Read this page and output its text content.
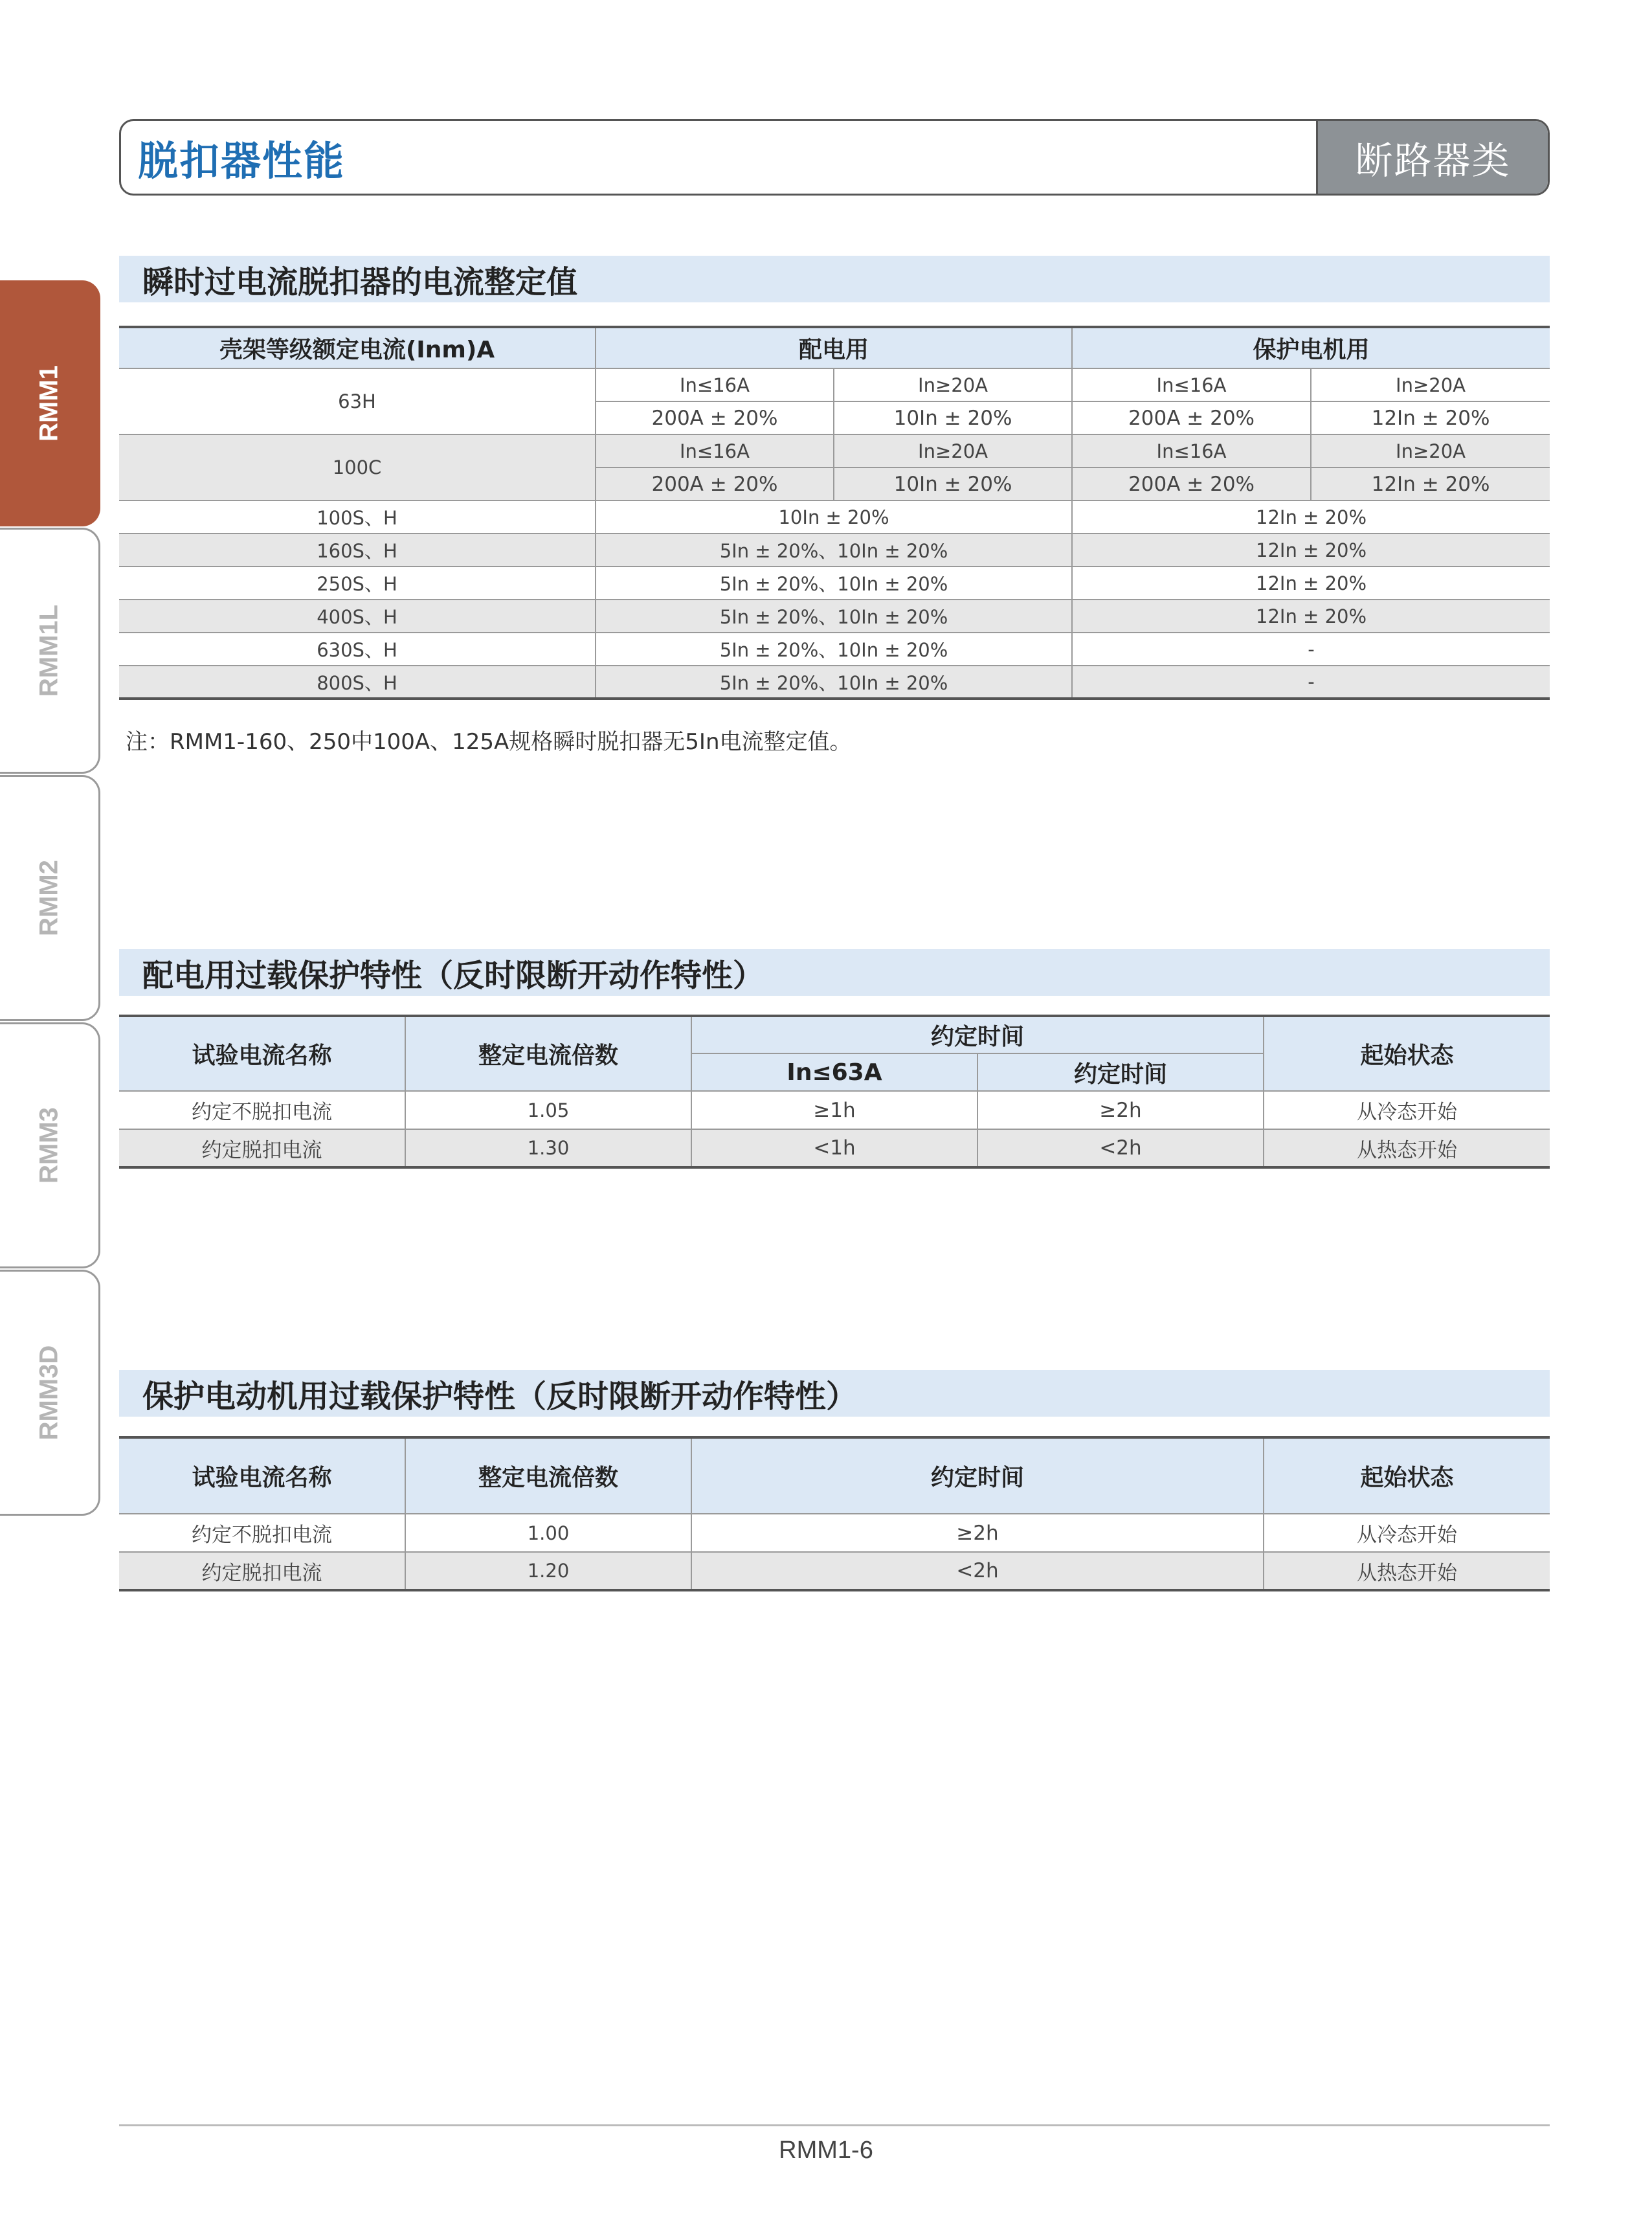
脱扣器性能	断路器类
RMM1
RMM1L
RMM2
RMM3
RMM3D
瞬时过电流脱扣器的电流整定值
壳架等级额定电流(Inm)A	配电用		保护电机用	
63H	In≤16A	In≥20A	In≤16A	In≥20A
	200A ± 20%	10In ± 20%	200A ± 20%	12In ± 20%
100C	In≤16A	In≥20A	In≤16A	In≥20A
	200A ± 20%	10In ± 20%	200A ± 20%	12In ± 20%
100S、H	10In ± 20%		12In ± 20%	
160S、H	5In ± 20%、10In ± 20%		12In ± 20%	
250S、H	5In ± 20%、10In ± 20%		12In ± 20%	
400S、H	5In ± 20%、10In ± 20%		12In ± 20%	
630S、H	5In ± 20%、10In ± 20%		-	
800S、H	5In ± 20%、10In ± 20%		-	
注：RMM1-160、250中100A、125A规格瞬时脱扣器无5In电流整定值。
配电用过载保护特性（反时限断开动作特性）
试验电流名称	整定电流倍数	约定时间		起始状态
		In≤63A	约定时间	
约定不脱扣电流	1.05	≥1h	≥2h	从冷态开始
约定脱扣电流	1.30	<1h	<2h	从热态开始
保护电动机用过载保护特性（反时限断开动作特性）
试验电流名称	整定电流倍数	约定时间	起始状态
约定不脱扣电流	1.00	≥2h	从冷态开始
约定脱扣电流	1.20	<2h	从热态开始
RMM1-6
